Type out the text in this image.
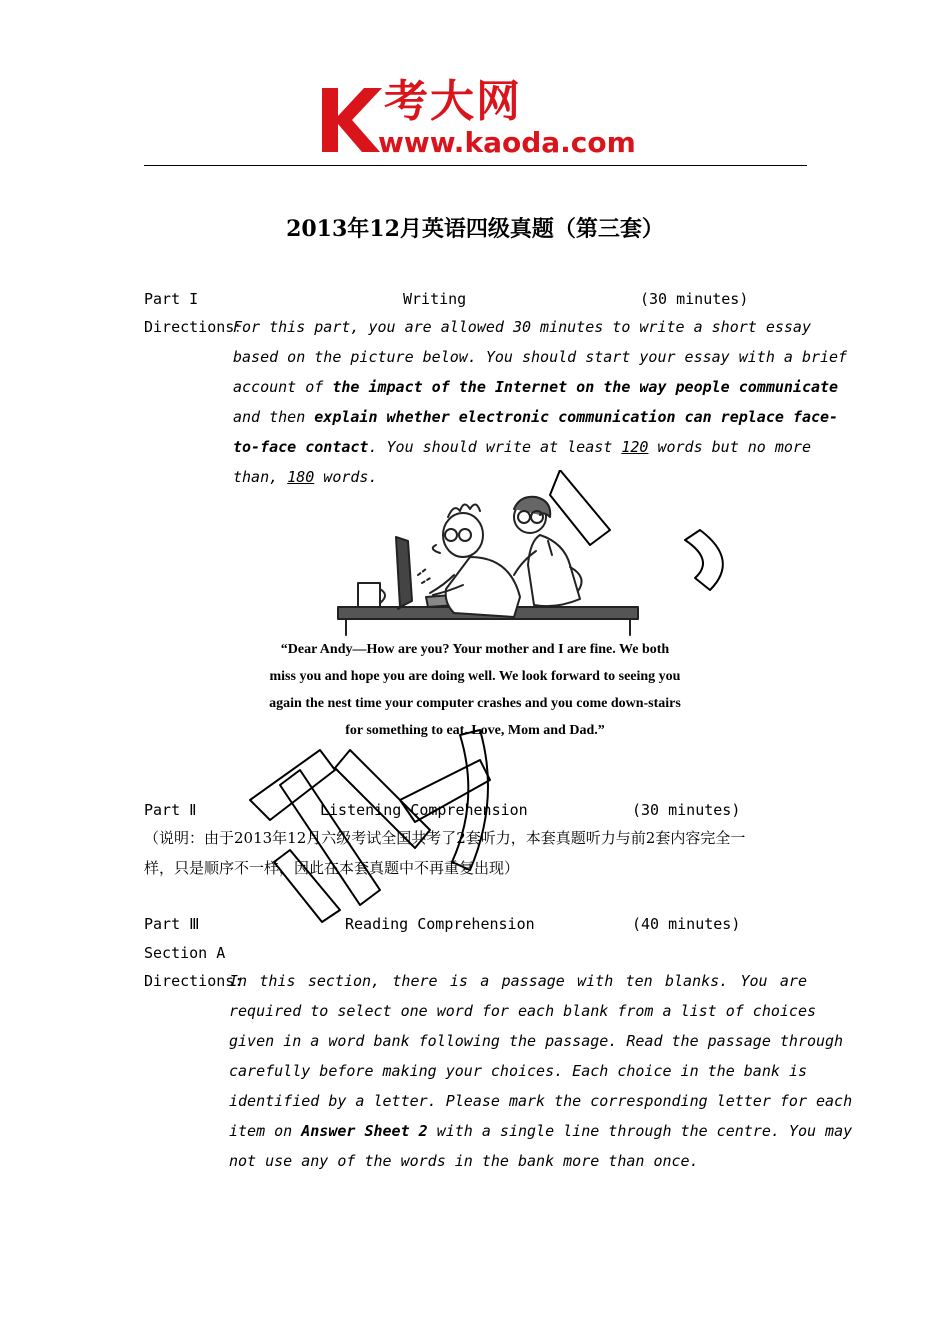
考大网
www.kaoda.com
2013年12月英语四级真题（第三套）
Part I	Writing	(30 minutes)
Directions：
For this part, you are allowed 30 minutes to write a short essay
based on the picture below. You should start your essay with a brief
account of the impact of the Internet on the way people communicate
and then explain whether electronic communication can replace face-
to-face contact. You should write at least 120 words but no more
than, 180 words.
“Dear Andy—How are you? Your mother and I are fine. We both
miss you and hope you are doing well. We look forward to seeing you
again the nest time your computer crashes and you come down-stairs
for something to eat. Love, Mom and Dad.”
Part Ⅱ	Listening Comprehension	(30 minutes)
（说明：由于2013年12月六级考试全国共考了2套听力，本套真题听力与前2套内容完全一
样，只是顺序不一样，因此在本套真题中不再重复出现）
Part Ⅲ	Reading Comprehension	(40 minutes)
Section A
Directions:
In this section, there is a passage with ten blanks. You are
required to select one word for each blank from a list of choices
given in a word bank following the passage. Read the passage through
carefully before making your choices. Each choice in the bank is
identified by a letter. Please mark the corresponding letter for each
item on Answer Sheet 2 with a single line through the centre. You may
not use any of the words in the bank more than once.
